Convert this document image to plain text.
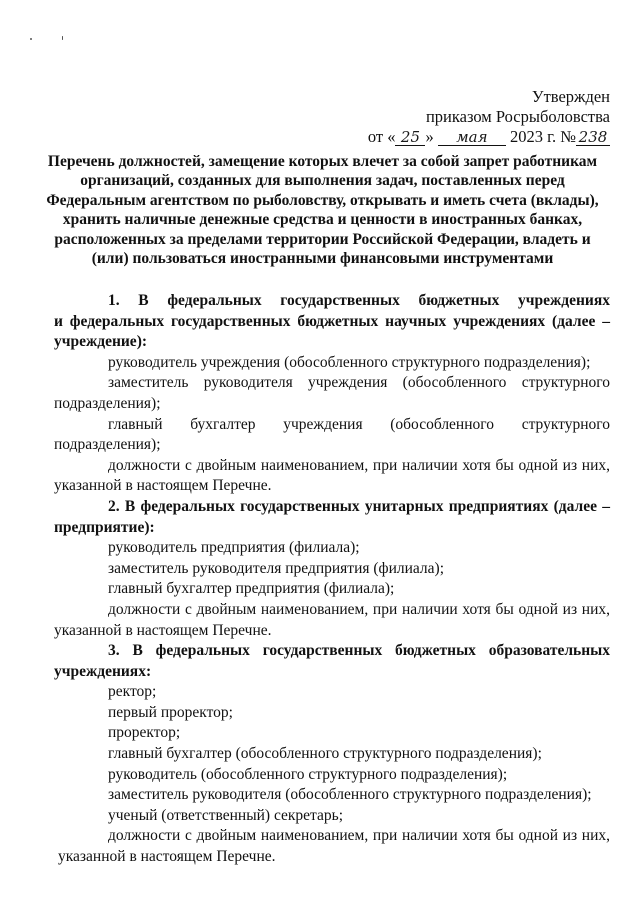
Утвержден
приказом Росрыболовства
от « 25 » мая 2023 г. № 238
Перечень должностей, замещение которых влечет за собой запрет работникам организаций, созданных для выполнения задач, поставленных перед Федеральным агентством по рыболовству, открывать и иметь счета (вклады), хранить наличные денежные средства и ценности в иностранных банках, расположенных за пределами территории Российской Федерации, владеть и (или) пользоваться иностранными финансовыми инструментами

1. В федеральных государственных бюджетных учреждениях

и федеральных государственных бюджетных научных учреждениях (далее –

учреждение):

руководитель учреждения (обособленного структурного подразделения);

заместитель руководителя учреждения (обособленного структурного

подразделения);

главный бухгалтер учреждения (обособленного структурного

подразделения);

должности с двойным наименованием, при наличии хотя бы одной из них,

указанной в настоящем Перечне.

2. В федеральных государственных унитарных предприятиях (далее –

предприятие):

руководитель предприятия (филиала);

заместитель руководителя предприятия (филиала);

главный бухгалтер предприятия (филиала);

должности с двойным наименованием, при наличии хотя бы одной из них,

указанной в настоящем Перечне.

3. В федеральных государственных бюджетных образовательных

учреждениях:

ректор;

первый проректор;

проректор;

главный бухгалтер (обособленного структурного подразделения);

руководитель (обособленного структурного подразделения);

заместитель руководителя (обособленного структурного подразделения);

ученый (ответственный) секретарь;

должности с двойным наименованием, при наличии хотя бы одной из них,

указанной в настоящем Перечне.
